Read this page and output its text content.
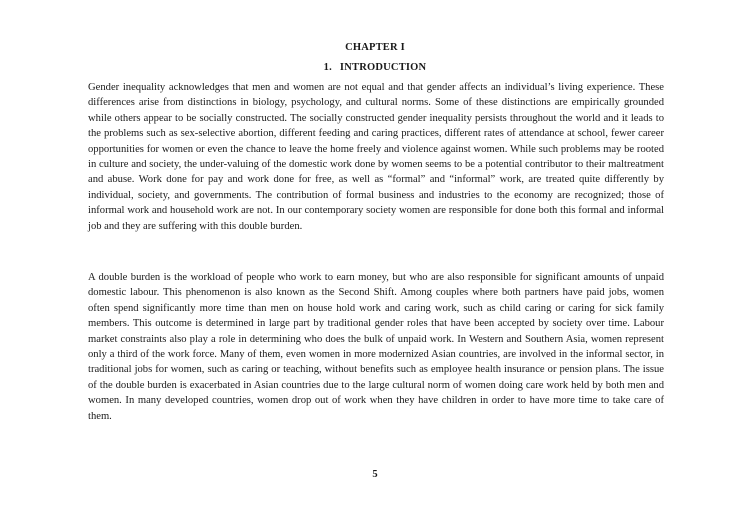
CHAPTER I
1. INTRODUCTION
Gender inequality acknowledges that men and women are not equal and that gender affects an individual’s living experience. These differences arise from distinctions in biology, psychology, and cultural norms. Some of these distinctions are empirically grounded while others appear to be socially constructed. The socially constructed gender inequality persists throughout the world and it leads to the problems such as sex-selective abortion, different feeding and caring practices, different rates of attendance at school, fewer career opportunities for women or even the chance to leave the home freely and violence against women. While such problems may be rooted in culture and society, the under-valuing of the domestic work done by women seems to be a potential contributor to their maltreatment and abuse. Work done for pay and work done for free, as well as “formal” and “informal” work, are treated quite differently by individual, society, and governments. The contribution of formal business and industries to the economy are recognized; those of informal work and household work are not. In our contemporary society women are responsible for done both this formal and informal job and they are suffering with this double burden.
A double burden is the workload of people who work to earn money, but who are also responsible for significant amounts of unpaid domestic labour. This phenomenon is also known as the Second Shift. Among couples where both partners have paid jobs, women often spend significantly more time than men on house hold work and caring work, such as child caring or caring for sick family members. This outcome is determined in large part by traditional gender roles that have been accepted by society over time. Labour market constraints also play a role in determining who does the bulk of unpaid work. In Western and Southern Asia, women represent only a third of the work force. Many of them, even women in more modernized Asian countries, are involved in the informal sector, in traditional jobs for women, such as caring or teaching, without benefits such as employee health insurance or pension plans. The issue of the double burden is exacerbated in Asian countries due to the large cultural norm of women doing care work held by both men and women. In many developed countries, women drop out of work when they have children in order to have more time to take care of them.
5
